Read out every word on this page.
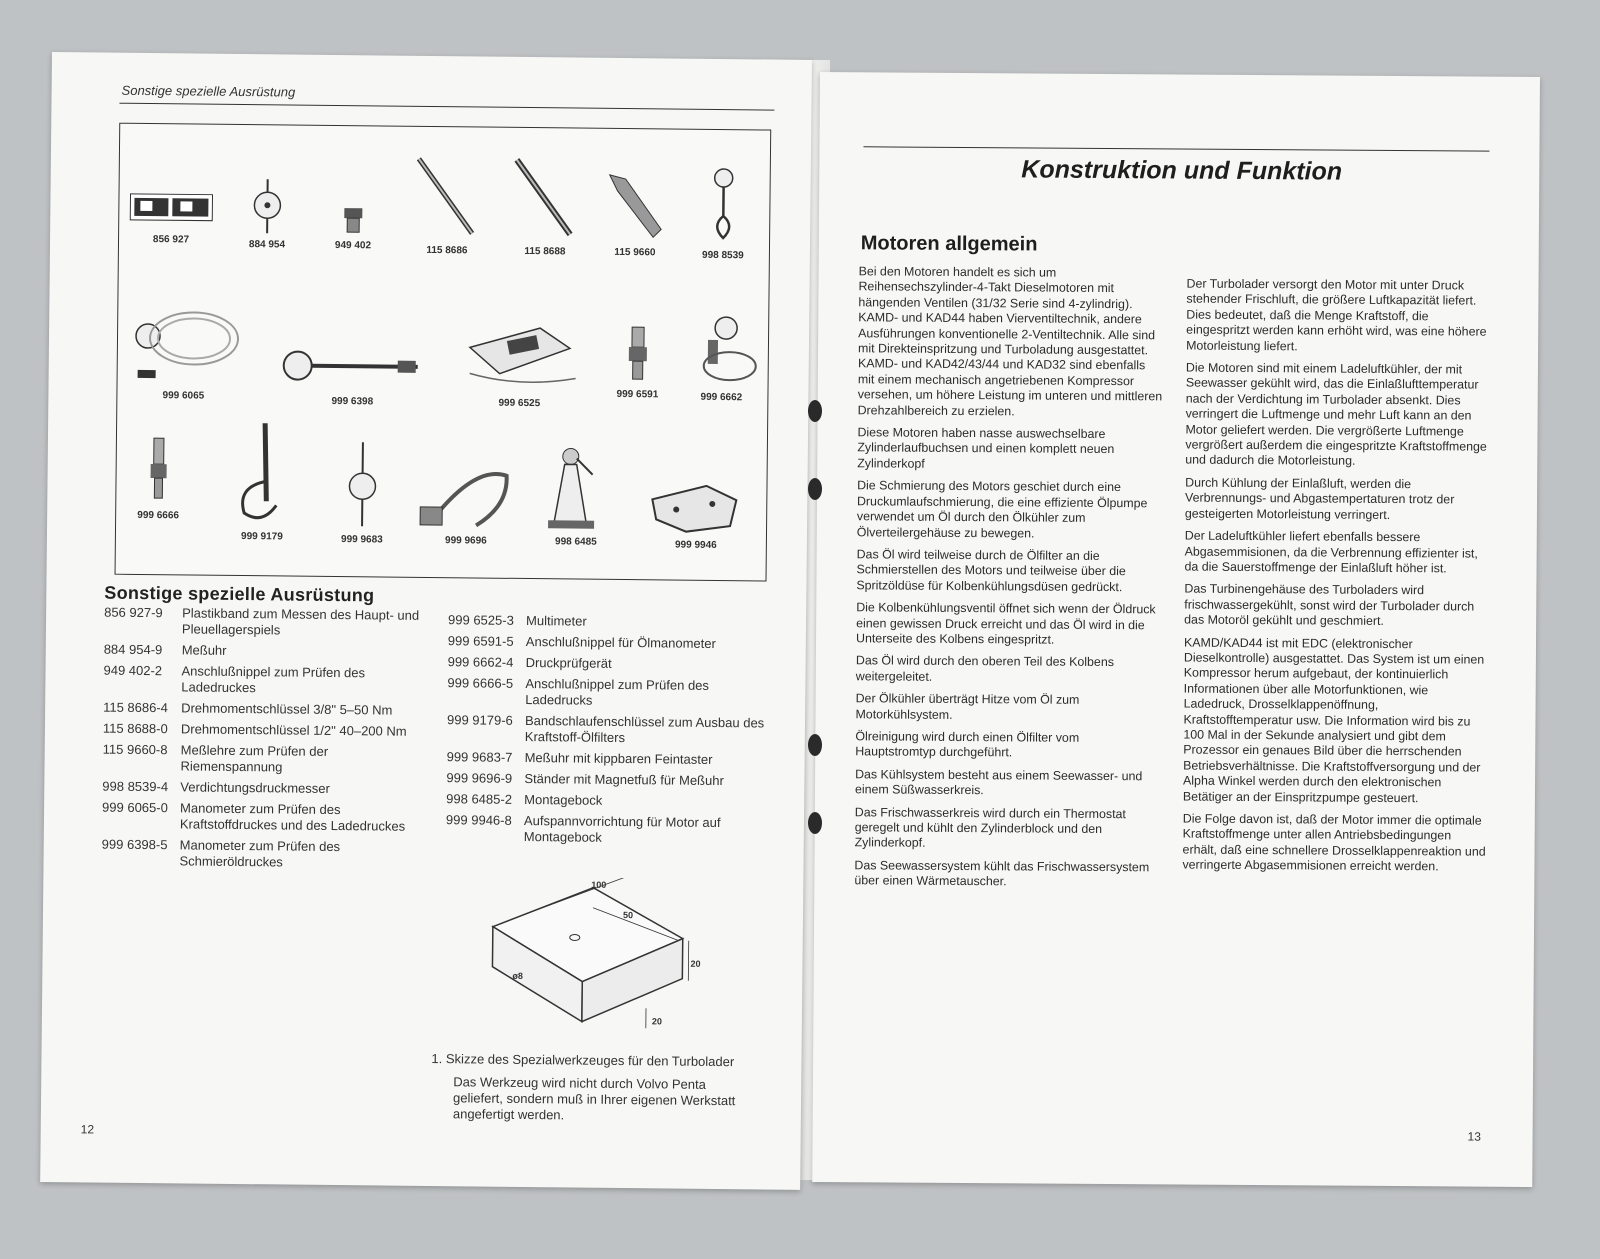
Sonstige spezielle Ausrüstung
856 927	884 954	949 402	115 8686	115 8688	115 9660	998 8539
999 6065
999 6398	999 6525
999 6591	999 6662
999 6666
999 9179	999 9683	999 9696	998 6485	999 9946
Sonstige spezielle Ausrüstung
856 927-9	Plastikband zum Messen des Haupt- und Pleuellagerspiels
884 954-9	Meßuhr
949 402-2	Anschlußnippel zum Prüfen des Ladedruckes
115 8686-4	Drehmomentschlüssel 3/8" 5–50 Nm
115 8688-0	Drehmomentschlüssel 1/2" 40–200 Nm
115 9660-8	Meßlehre zum Prüfen der Riemenspannung
998 8539-4 Verdichtungsdruckmesser
999 6065-0 Manometer zum Prüfen des Kraftstoffdruckes und des Ladedruckes
999 6398-5 Manometer zum Prüfen des Schmieröldruckes
999 6525-3 Multimeter
999 6591-5 Anschlußnippel für Ölmanometer
999 6662-4 Druckprüfgerät
999 6666-5 Anschlußnippel zum Prüfen des Ladedrucks
999 9179-6 Bandschlaufenschlüssel zum Ausbau des Kraftstoff-Ölfilters
999 9683-7 Meßuhr mit kippbaren Feintaster
999 9696-9 Ständer mit Magnetfuß für Meßuhr
998 6485-2 Montagebock
999 9946-8 Aufspannvorrichtung für Motor auf Montagebock
100
50
20
20
ø8
1. Skizze des Spezialwerkzeuges für den Turbolader
Das Werkzeug wird nicht durch Volvo Penta geliefert, sondern muß in Ihrer eigenen Werkstatt angefertigt werden.
12
Konstruktion und Funktion
Motoren allgemein

Bei den Motoren handelt es sich um Reihensechszylinder-4-Takt Dieselmotoren mit hängenden Ventilen (31/32 Serie sind 4-zylindrig). KAMD- und KAD44 haben Vierventiltechnik, andere Ausführungen konventionelle 2-Ventiltechnik. Alle sind mit Direkteinspritzung und Turboladung ausgestattet. KAMD- und KAD42/43/44 und KAD32 sind ebenfalls mit einem mechanisch angetriebenen Kompressor versehen, um höhere Leistung im unteren und mittleren Drehzahlbereich zu erzielen.

Diese Motoren haben nasse auswechselbare Zylinderlaufbuchsen und einen komplett neuen Zylinderkopf

Die Schmierung des Motors geschiet durch eine Druckumlaufschmierung, die eine effiziente Ölpumpe verwendet um Öl durch den Ölkühler zum Ölverteilergehäuse zu bewegen.

Das Öl wird teilweise durch de Ölfilter an die Schmierstellen des Motors und teilweise über die Spritzöldüse für Kolbenkühlungsdüsen gedrückt.

Die Kolbenkühlungsventil öffnet sich wenn der Öldruck einen gewissen Druck erreicht und das Öl wird in die Unterseite des Kolbens eingespritzt.

Das Öl wird durch den oberen Teil des Kolbens weitergeleitet.

Der Ölkühler überträgt Hitze vom Öl zum Motorkühlsystem.

Ölreinigung wird durch einen Ölfilter vom Hauptstromtyp durchgeführt.

Das Kühlsystem besteht aus einem Seewasser- und einem Süßwasserkreis.

Das Frischwasserkreis wird durch ein Thermostat geregelt und kühlt den Zylinderblock und den Zylinderkopf.

Das Seewassersystem kühlt das Frischwassersystem über einen Wärmetauscher.

Der Turbolader versorgt den Motor mit unter Druck stehender Frischluft, die größere Luftkapazität liefert. Dies bedeutet, daß die Menge Kraftstoff, die eingespritzt werden kann erhöht wird, was eine höhere Motorleistung liefert.

Die Motoren sind mit einem Ladeluftkühler, der mit Seewasser gekühlt wird, das die Einlaßlufttemperatur nach der Verdichtung im Turbolader absenkt. Dies verringert die Luftmenge und mehr Luft kann an den Motor geliefert werden. Die vergrößerte Luftmenge vergrößert außerdem die eingespritzte Kraftstoffmenge und dadurch die Motorleistung.

Durch Kühlung der Einlaßluft, werden die Verbrennungs- und Abgastempertaturen trotz der gesteigerten Motorleistung verringert.

Der Ladeluftkühler liefert ebenfalls bessere Abgasemmisionen, da die Verbrennung effizienter ist, da die Sauerstoffmenge der Einlaßluft höher ist.

Das Turbinengehäuse des Turboladers wird frischwassergekühlt, sonst wird der Turbolader durch das Motoröl gekühlt und geschmiert.

KAMD/KAD44 ist mit EDC (elektronischer Dieselkontrolle) ausgestattet. Das System ist um einen Kompressor herum aufgebaut, der kontinuierlich Informationen über alle Motorfunktionen, wie Ladedruck, Drosselklappenöffnung, Kraftstofftemperatur usw. Die Information wird bis zu 100 Mal in der Sekunde analysiert und gibt dem Prozessor ein genaues Bild über die herrschenden Betriebsverhältnisse. Die Kraftstoffversorgung und der Alpha Winkel werden durch den elektronischen Betätiger an der Einspritzpumpe gesteuert.

Die Folge davon ist, daß der Motor immer die optimale Kraftstoffmenge unter allen Antriebsbedingungen erhält, daß eine schnellere Drosselklappenreaktion und verringerte Abgasemmisionen erreicht werden.

13
